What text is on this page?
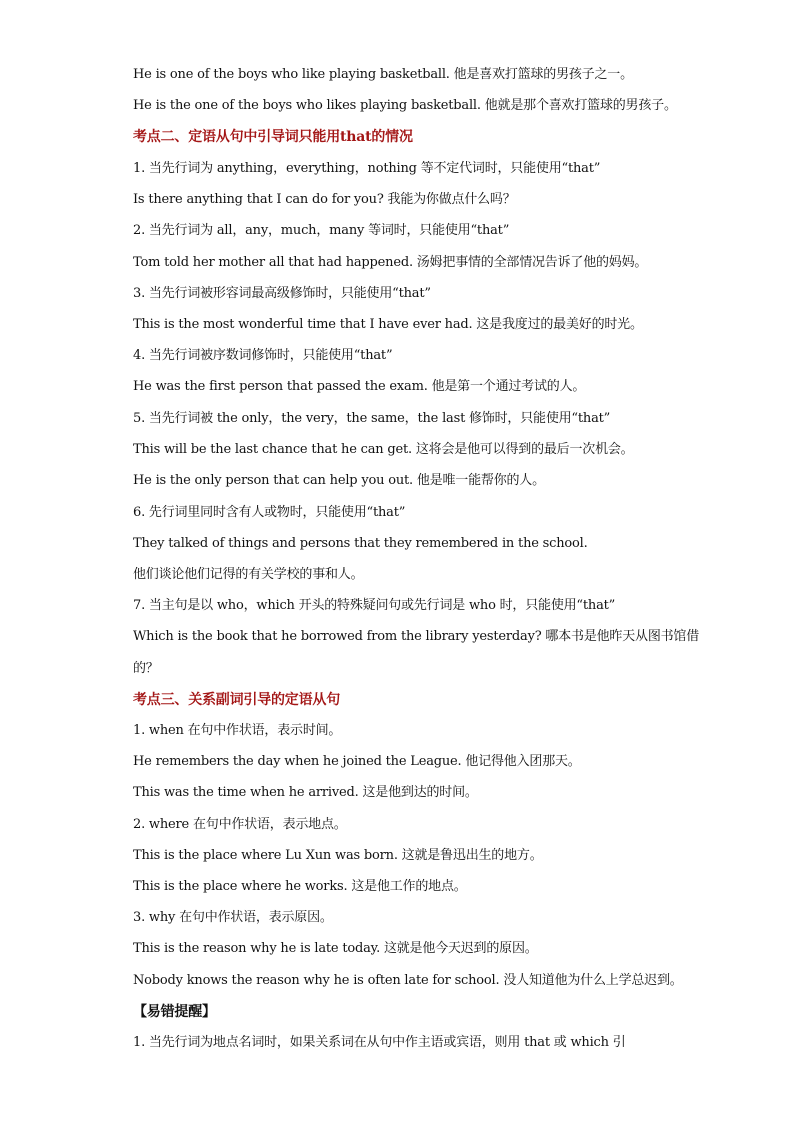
He is one of the boys who like playing basketball. 他是喜欢打篮球的男孩子之一。
He is the one of the boys who likes playing basketball. 他就是那个喜欢打篮球的男孩子。
考点二、定语从句中引导词只能用that的情况
1. 当先行词为 anything，everything，nothing 等不定代词时，只能使用“that”
Is there anything that I can do for you? 我能为你做点什么吗？
2. 当先行词为 all，any，much，many 等词时，只能使用“that”
Tom told her mother all that had happened. 汤姆把事情的全部情况告诉了他的妈妈。
3. 当先行词被形容词最高级修饰时，只能使用“that”
This is the most wonderful time that I have ever had. 这是我度过的最美好的时光。
4. 当先行词被序数词修饰时，只能使用“that”
He was the first person that passed the exam. 他是第一个通过考试的人。
5. 当先行词被 the only，the very，the same，the last 修饰时，只能使用“that”
This will be the last chance that he can get. 这将会是他可以得到的最后一次机会。
He is the only person that can help you out. 他是唯一能帮你的人。
6. 先行词里同时含有人或物时，只能使用“that”
They talked of things and persons that they remembered in the school.
他们谈论他们记得的有关学校的事和人。
7. 当主句是以 who，which 开头的特殊疑问句或先行词是 who 时，只能使用“that”
Which is the book that he borrowed from the library yesterday? 哪本书是他昨天从图书馆借
的？
考点三、关系副词引导的定语从句
1. when 在句中作状语，表示时间。
He remembers the day when he joined the League. 他记得他入团那天。
This was the time when he arrived. 这是他到达的时间。
2. where 在句中作状语，表示地点。
This is the place where Lu Xun was born. 这就是鲁迅出生的地方。
This is the place where he works. 这是他工作的地点。
3. why 在句中作状语，表示原因。
This is the reason why he is late today. 这就是他今天迟到的原因。
Nobody knows the reason why he is often late for school. 没人知道他为什么上学总迟到。
【易错提醒】
1. 当先行词为地点名词时，如果关系词在从句中作主语或宾语，则用 that 或 which 引
